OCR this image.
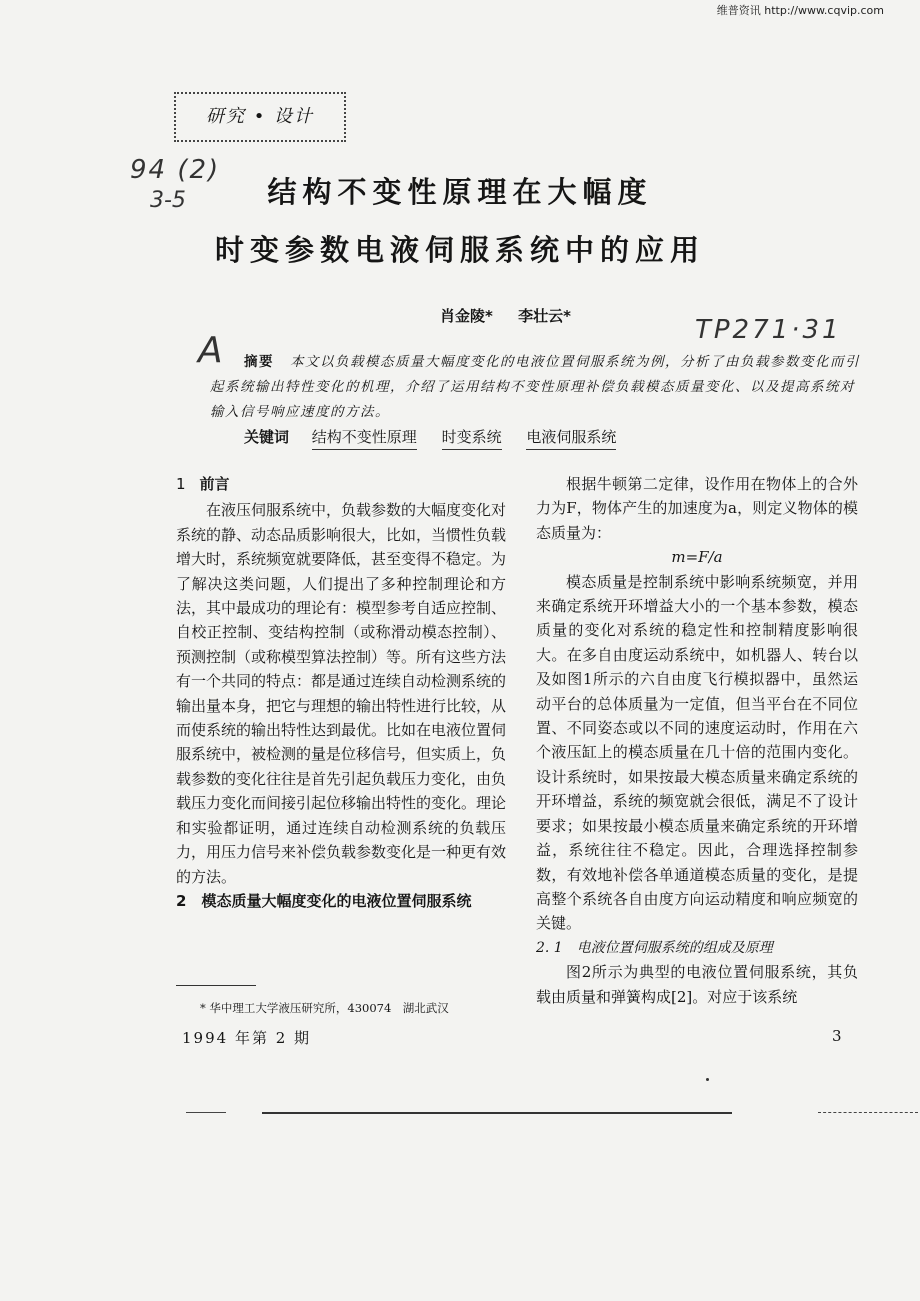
维普资讯 http://www.cqvip.com
研究 • 设计
94 (2)
3-5
TP271·31
A
结构不变性原理在大幅度
时变参数电液伺服系统中的应用
肖金陵* 李壮云*
摘要 本文以负载模态质量大幅度变化的电液位置伺服系统为例，分析了由负载参数变化而引起系统输出特性变化的机理，介绍了运用结构不变性原理补偿负载模态质量变化、以及提高系统对输入信号响应速度的方法。
关键词 结构不变性原理 时变系统 电液伺服系统
1 前言

在液压伺服系统中，负载参数的大幅度变化对系统的静、动态品质影响很大，比如，当惯性负载增大时，系统频宽就要降低，甚至变得不稳定。为了解决这类问题，人们提出了多种控制理论和方法，其中最成功的理论有：模型参考自适应控制、自校正控制、变结构控制（或称滑动模态控制）、预测控制（或称模型算法控制）等。所有这些方法有一个共同的特点：都是通过连续自动检测系统的输出量本身，把它与理想的输出特性进行比较，从而使系统的输出特性达到最优。比如在电液位置伺服系统中，被检测的量是位移信号，但实质上，负载参数的变化往往是首先引起负载压力变化，由负载压力变化而间接引起位移输出特性的变化。理论和实验都证明，通过连续自动检测系统的负载压力，用压力信号来补偿负载参数变化是一种更有效的方法。

2　 模态质量大幅度变化的电液位置伺服系统

根据牛顿第二定律，设作用在物体上的合外力为F，物体产生的加速度为a，则定义物体的模态质量为：

m=F/a

模态质量是控制系统中影响系统频宽，并用来确定系统开环增益大小的一个基本参数，模态质量的变化对系统的稳定性和控制精度影响很大。在多自由度运动系统中，如机器人、转台以及如图1所示的六自由度飞行模拟器中，虽然运动平台的总体质量为一定值，但当平台在不同位置、不同姿态或以不同的速度运动时，作用在六个液压缸上的模态质量在几十倍的范围内变化。设计系统时，如果按最大模态质量来确定系统的开环增益，系统的频宽就会很低，满足不了设计要求；如果按最小模态质量来确定系统的开环增益，系统往往不稳定。因此，合理选择控制参数，有效地补偿各单通道模态质量的变化，是提高整个系统各自由度方向运动精度和响应频宽的关键。

2. 1　电液位置伺服系统的组成及原理

图2所示为典型的电液位置伺服系统，其负载由质量和弹簧构成[2]。对应于该系统

* 华中理工大学液压研究所，430074　湖北武汉
1994 年第 2 期	3
